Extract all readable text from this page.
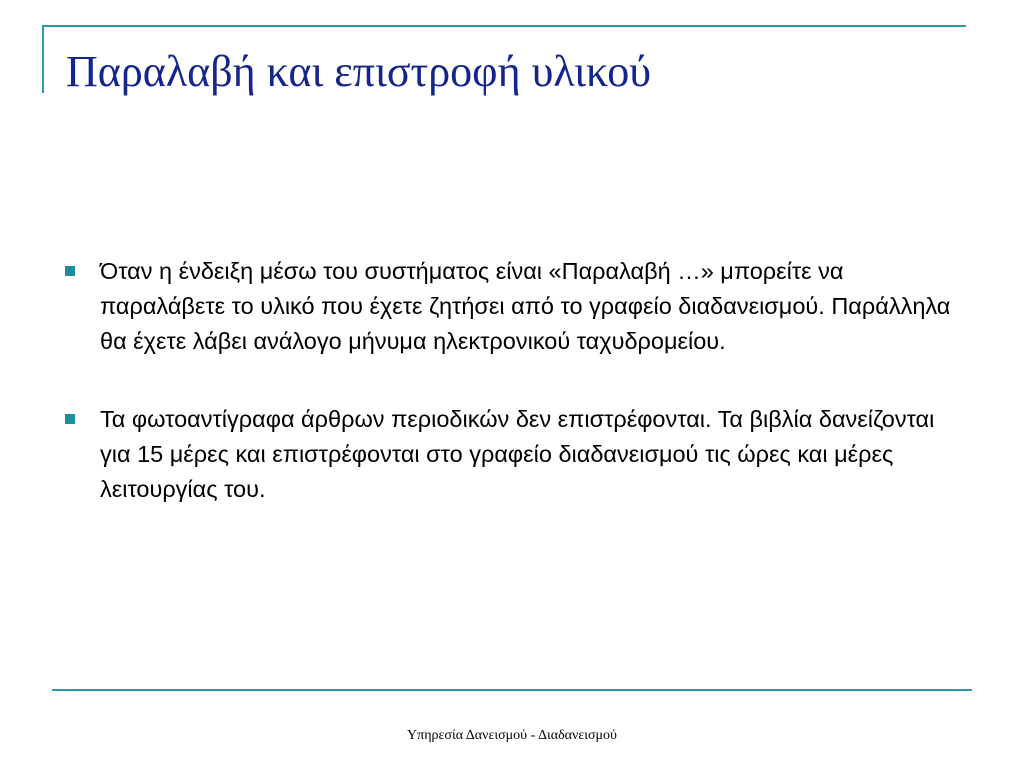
Παραλαβή και επιστροφή υλικού
Όταν η ένδειξη μέσω του συστήματος είναι «Παραλαβή …» μπορείτε να παραλάβετε το υλικό που έχετε ζητήσει από το γραφείο διαδανεισμού. Παράλληλα θα έχετε λάβει ανάλογο μήνυμα ηλεκτρονικού ταχυδρομείου.
Τα φωτοαντίγραφα άρθρων περιοδικών δεν επιστρέφονται. Τα βιβλία δανείζονται για 15 μέρες και επιστρέφονται στο γραφείο διαδανεισμού τις ώρες και μέρες λειτουργίας του.
Υπηρεσία Δανεισμού - Διαδανεισμού
